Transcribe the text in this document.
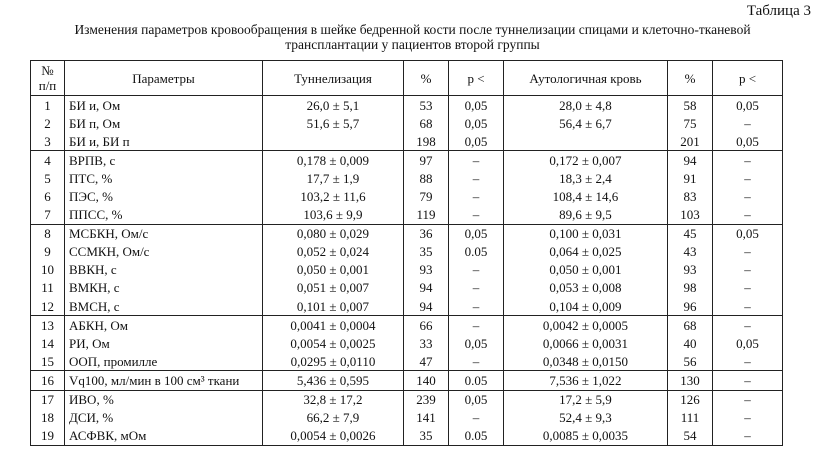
Таблица 3
Изменения параметров кровообращения в шейке бедренной кости после туннелизации спицами и клеточно-тканевой
трансплантации у пациентов второй группы
№ п/п	Параметры	Туннелизация	%	p <	Аутологичная кровь	%	p <
1	БИ и, Ом	26,0 ± 5,1	53	0,05	28,0 ± 4,8	58	0,05
2	БИ п, Ом	51,6 ± 5,7	68	0,05	56,4 ± 6,7	75	–
3	БИ и, БИ п		198	0,05		201	0,05
4	ВРПВ, с	0,178 ± 0,009	97	–	0,172 ± 0,007	94	–
5	ПТС, %	17,7 ± 1,9	88	–	18,3 ± 2,4	91	–
6	ПЭС, %	103,2 ± 11,6	79	–	108,4 ± 14,6	83	–
7	ППСС, %	103,6 ± 9,9	119	–	89,6 ± 9,5	103	–
8	МСБКН, Ом/с	0,080 ± 0,029	36	0,05	0,100 ± 0,031	45	0,05
9	ССМКН, Ом/с	0,052 ± 0,024	35	0.05	0,064 ± 0,025	43	–
10	ВВКН, с	0,050 ± 0,001	93	–	0,050 ± 0,001	93	–
11	ВМКН, с	0,051 ± 0,007	94	–	0,053 ± 0,008	98	–
12	ВМСН, с	0,101 ± 0,007	94	–	0,104 ± 0,009	96	–
13	АБКН, Ом	0,0041 ± 0,0004	66	–	0,0042 ± 0,0005	68	–
14	РИ, Ом	0,0054 ± 0,0025	33	0,05	0,0066 ± 0,0031	40	0,05
15	ООП, промилле	0,0295 ± 0,0110	47	–	0,0348 ± 0,0150	56	–
16	Vq100, мл/мин в 100 см³ ткани	5,436 ± 0,595	140	0.05	7,536 ± 1,022	130	–
17	ИВО, %	32,8 ± 17,2	239	0,05	17,2 ± 5,9	126	–
18	ДСИ, %	66,2 ± 7,9	141	–	52,4 ± 9,3	111	–
19	АСФВК, мОм	0,0054 ± 0,0026	35	0.05	0,0085 ± 0,0035	54	–
